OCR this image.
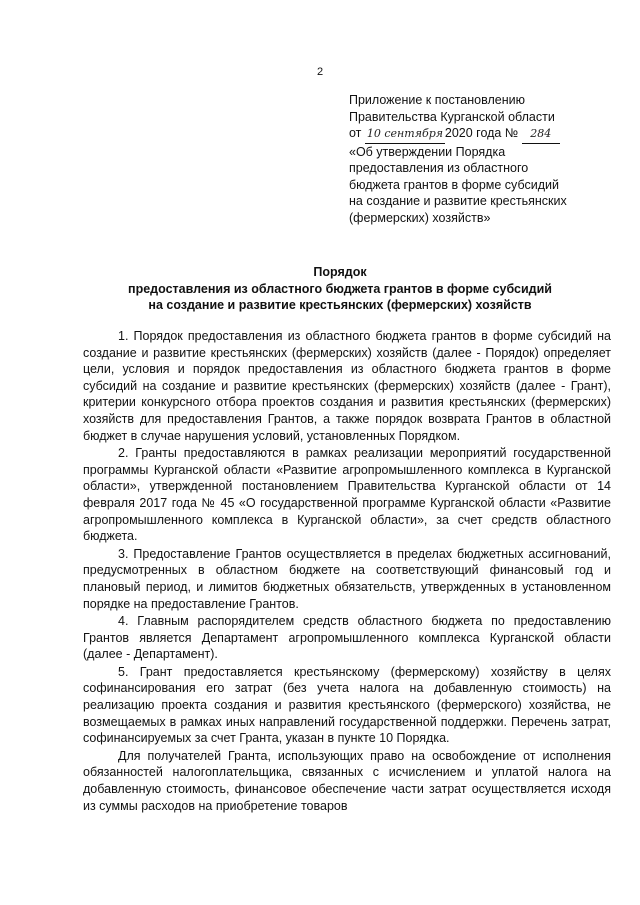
2
Приложение к постановлению
Правительства Курганской области
от 10 сентября 2020 года № 284
«Об утверждении Порядка
предоставления из областного
бюджета грантов в форме субсидий
на создание и развитие крестьянских
(фермерских) хозяйств»
Порядок
предоставления из областного бюджета грантов в форме субсидий
на создание и развитие крестьянских (фермерских) хозяйств

1. Порядок предоставления из областного бюджета грантов в форме субсидий на создание и развитие крестьянских (фермерских) хозяйств (далее - Порядок) определяет цели, условия и порядок предоставления из областного бюджета грантов в форме субсидий на создание и развитие крестьянских (фермерских) хозяйств (далее - Грант), критерии конкурсного отбора проектов создания и развития крестьянских (фермерских) хозяйств для предоставления Грантов, а также порядок возврата Грантов в областной бюджет в случае нарушения условий, установленных Порядком.

2. Гранты предоставляются в рамках реализации мероприятий государственной программы Курганской области «Развитие агропромышленного комплекса в Курганской области», утвержденной постановлением Правительства Курганской области от 14 февраля 2017 года № 45 «О государственной программе Курганской области «Развитие агропромышленного комплекса в Курганской области», за счет средств областного бюджета.

3. Предоставление Грантов осуществляется в пределах бюджетных ассигнований, предусмотренных в областном бюджете на соответствующий финансовый год и плановый период, и лимитов бюджетных обязательств, утвержденных в установленном порядке на предоставление Грантов.

4. Главным распорядителем средств областного бюджета по предоставлению Грантов является Департамент агропромышленного комплекса Курганской области (далее - Департамент).

5. Грант предоставляется крестьянскому (фермерскому) хозяйству в целях софинансирования его затрат (без учета налога на добавленную стоимость) на реализацию проекта создания и развития крестьянского (фермерского) хозяйства, не возмещаемых в рамках иных направлений государственной поддержки. Перечень затрат, софинансируемых за счет Гранта, указан в пункте 10 Порядка.

Для получателей Гранта, использующих право на освобождение от исполнения обязанностей налогоплательщика, связанных с исчислением и уплатой налога на добавленную стоимость, финансовое обеспечение части затрат осуществляется исходя из суммы расходов на приобретение товаров
